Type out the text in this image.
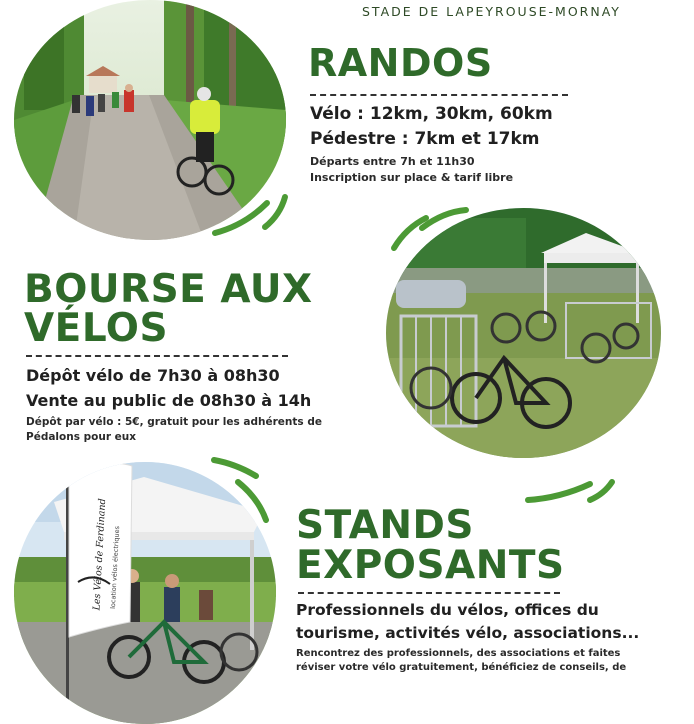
STADE DE LAPEYROUSE-MORNAY
RANDOS
Vélo : 12km, 30km, 60km
Pédestre : 7km et 17km
Départs entre 7h et 11h30
Inscription sur place & tarif libre
BOURSE AUX
VÉLOS
Dépôt vélo de 7h30 à 08h30
Vente au public de 08h30 à 14h
Dépôt par vélo : 5€, gratuit pour les adhérents de
Pédalons pour eux
Les Vélos de Ferdinand location vélos électriques
STANDS
EXPOSANTS
Professionnels du vélos, offices du
tourisme, activités vélo, associations...
Rencontrez des professionnels, des associations et faites
réviser votre vélo gratuitement, bénéficiez de conseils, de
